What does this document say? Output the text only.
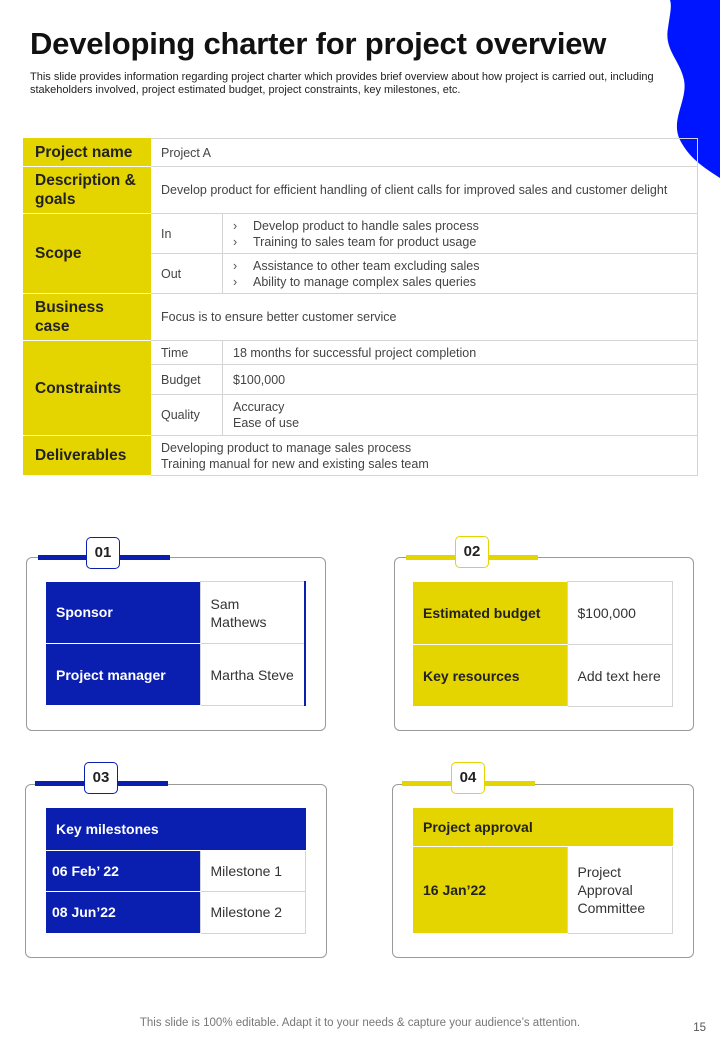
Developing charter for project overview

This slide provides information regarding project charter which provides brief overview about how project is carried out, including stakeholders involved, project estimated budget, project constraints, key milestones, etc.

Project name	Project A	
Description & goals	Develop product for efficient handling of client calls for improved sales and customer delight	
Scope	In	› Develop product to handle sales process
› Training to sales team for product usage

	Out	› Assistance to other team excluding sales
› Ability to manage complex sales queries

Business case	Focus is to ensure better customer service	
Constraints	Time	18 months for successful project completion
	Budget	$100,000
	Quality	Accuracy
Ease of use

Deliverables	Developing product to manage sales process
Training manual for new and existing sales team	
01
Sponsor	Sam Mathews
Project manager	Martha Steve
02
Estimated budget	$100,000
Key resources	Add text here
03
Key milestones	
06 Feb’ 22	Milestone 1
08 Jun’22	Milestone 2
04
Project approval
16 Jan’22	Project Approval Committee
This slide is 100% editable. Adapt it to your needs & capture your audience’s attention.	15
